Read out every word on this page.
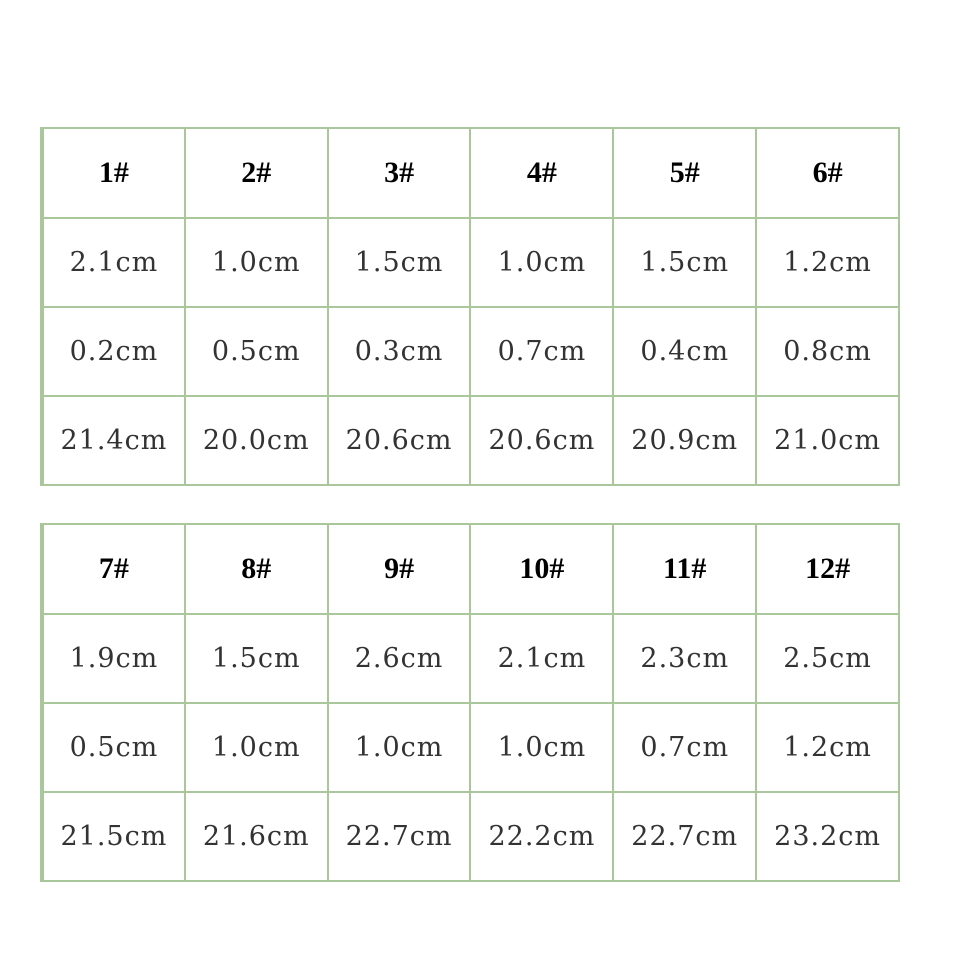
1#	2#	3#	4#	5#	6#
2.1cm	1.0cm	1.5cm	1.0cm	1.5cm	1.2cm
0.2cm	0.5cm	0.3cm	0.7cm	0.4cm	0.8cm
21.4cm	20.0cm	20.6cm	20.6cm	20.9cm	21.0cm
7#	8#	9#	10#	11#	12#
1.9cm	1.5cm	2.6cm	2.1cm	2.3cm	2.5cm
0.5cm	1.0cm	1.0cm	1.0cm	0.7cm	1.2cm
21.5cm	21.6cm	22.7cm	22.2cm	22.7cm	23.2cm
